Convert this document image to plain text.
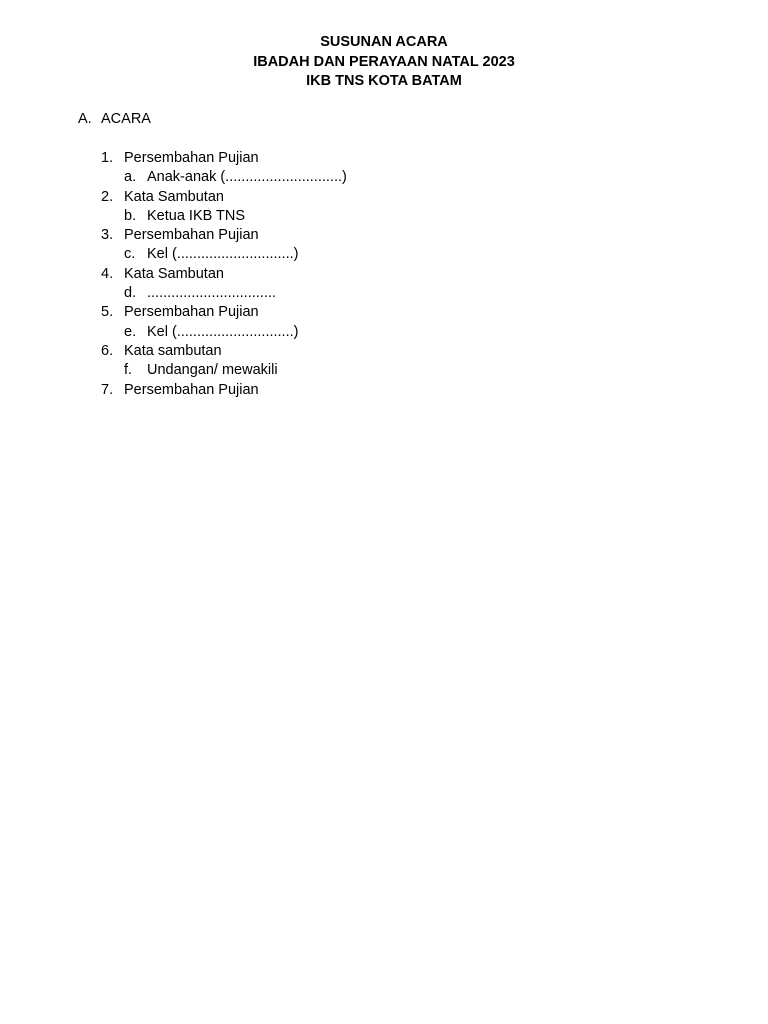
SUSUNAN ACARA
IBADAH DAN PERAYAAN NATAL 2023
IKB TNS KOTA BATAM
A. ACARA
1. Persembahan Pujian
a. Anak-anak (.............................)
2. Kata Sambutan
b. Ketua IKB TNS
3. Persembahan Pujian
c. Kel (.............................)
4. Kata Sambutan
d. ................................
5. Persembahan Pujian
e. Kel (.............................)
6. Kata sambutan
f.	Undangan/ mewakili
7. Persembahan Pujian
